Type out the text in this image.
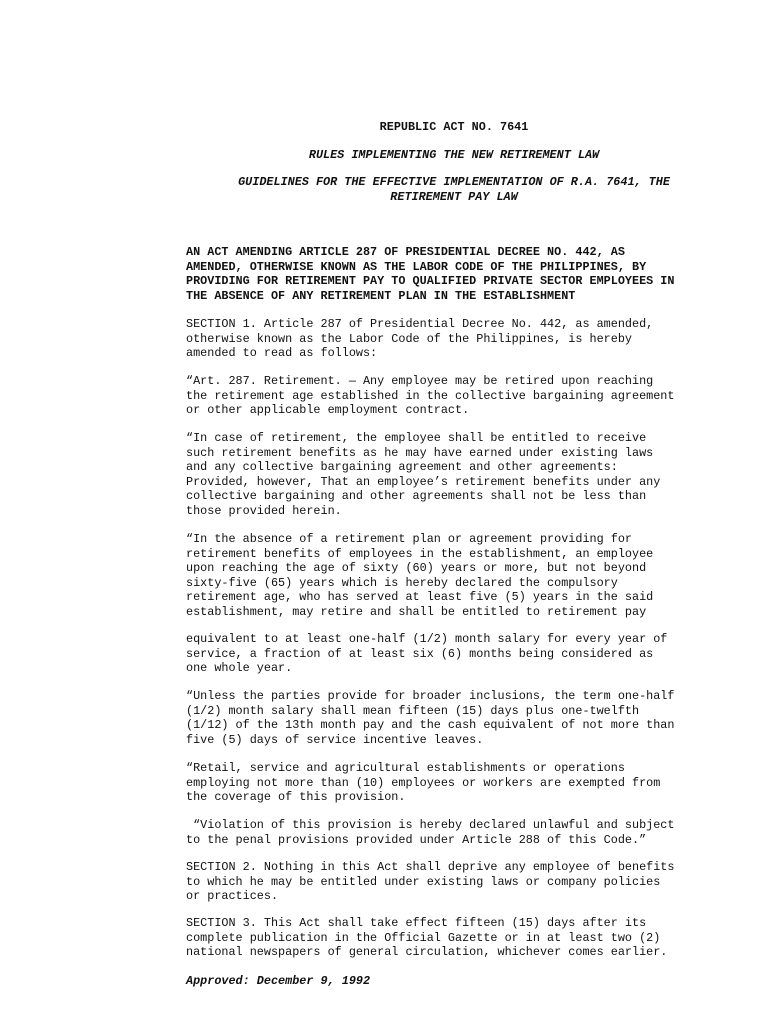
REPUBLIC ACT NO. 7641
RULES IMPLEMENTING THE NEW RETIREMENT LAW
GUIDELINES FOR THE EFFECTIVE IMPLEMENTATION OF R.A. 7641, THE
RETIREMENT PAY LAW
AN ACT AMENDING ARTICLE 287 OF PRESIDENTIAL DECREE NO. 442, AS
AMENDED, OTHERWISE KNOWN AS THE LABOR CODE OF THE PHILIPPINES, BY
PROVIDING FOR RETIREMENT PAY TO QUALIFIED PRIVATE SECTOR EMPLOYEES IN
THE ABSENCE OF ANY RETIREMENT PLAN IN THE ESTABLISHMENT
SECTION 1. Article 287 of Presidential Decree No. 442, as amended,
otherwise known as the Labor Code of the Philippines, is hereby
amended to read as follows:
“Art. 287. Retirement. — Any employee may be retired upon reaching
the retirement age established in the collective bargaining agreement
or other applicable employment contract.
“In case of retirement, the employee shall be entitled to receive
such retirement benefits as he may have earned under existing laws
and any collective bargaining agreement and other agreements:
Provided, however, That an employee’s retirement benefits under any
collective bargaining and other agreements shall not be less than
those provided herein.
“In the absence of a retirement plan or agreement providing for
retirement benefits of employees in the establishment, an employee
upon reaching the age of sixty (60) years or more, but not beyond
sixty-five (65) years which is hereby declared the compulsory
retirement age, who has served at least five (5) years in the said
establishment, may retire and shall be entitled to retirement pay
equivalent to at least one-half (1/2) month salary for every year of
service, a fraction of at least six (6) months being considered as
one whole year.
“Unless the parties provide for broader inclusions, the term one-half
(1/2) month salary shall mean fifteen (15) days plus one-twelfth
(1/12) of the 13th month pay and the cash equivalent of not more than
five (5) days of service incentive leaves.
“Retail, service and agricultural establishments or operations
employing not more than (10) employees or workers are exempted from
the coverage of this provision.
“Violation of this provision is hereby declared unlawful and subject
to the penal provisions provided under Article 288 of this Code.”
SECTION 2. Nothing in this Act shall deprive any employee of benefits
to which he may be entitled under existing laws or company policies
or practices.
SECTION 3. This Act shall take effect fifteen (15) days after its
complete publication in the Official Gazette or in at least two (2)
national newspapers of general circulation, whichever comes earlier.
Approved: December 9, 1992
